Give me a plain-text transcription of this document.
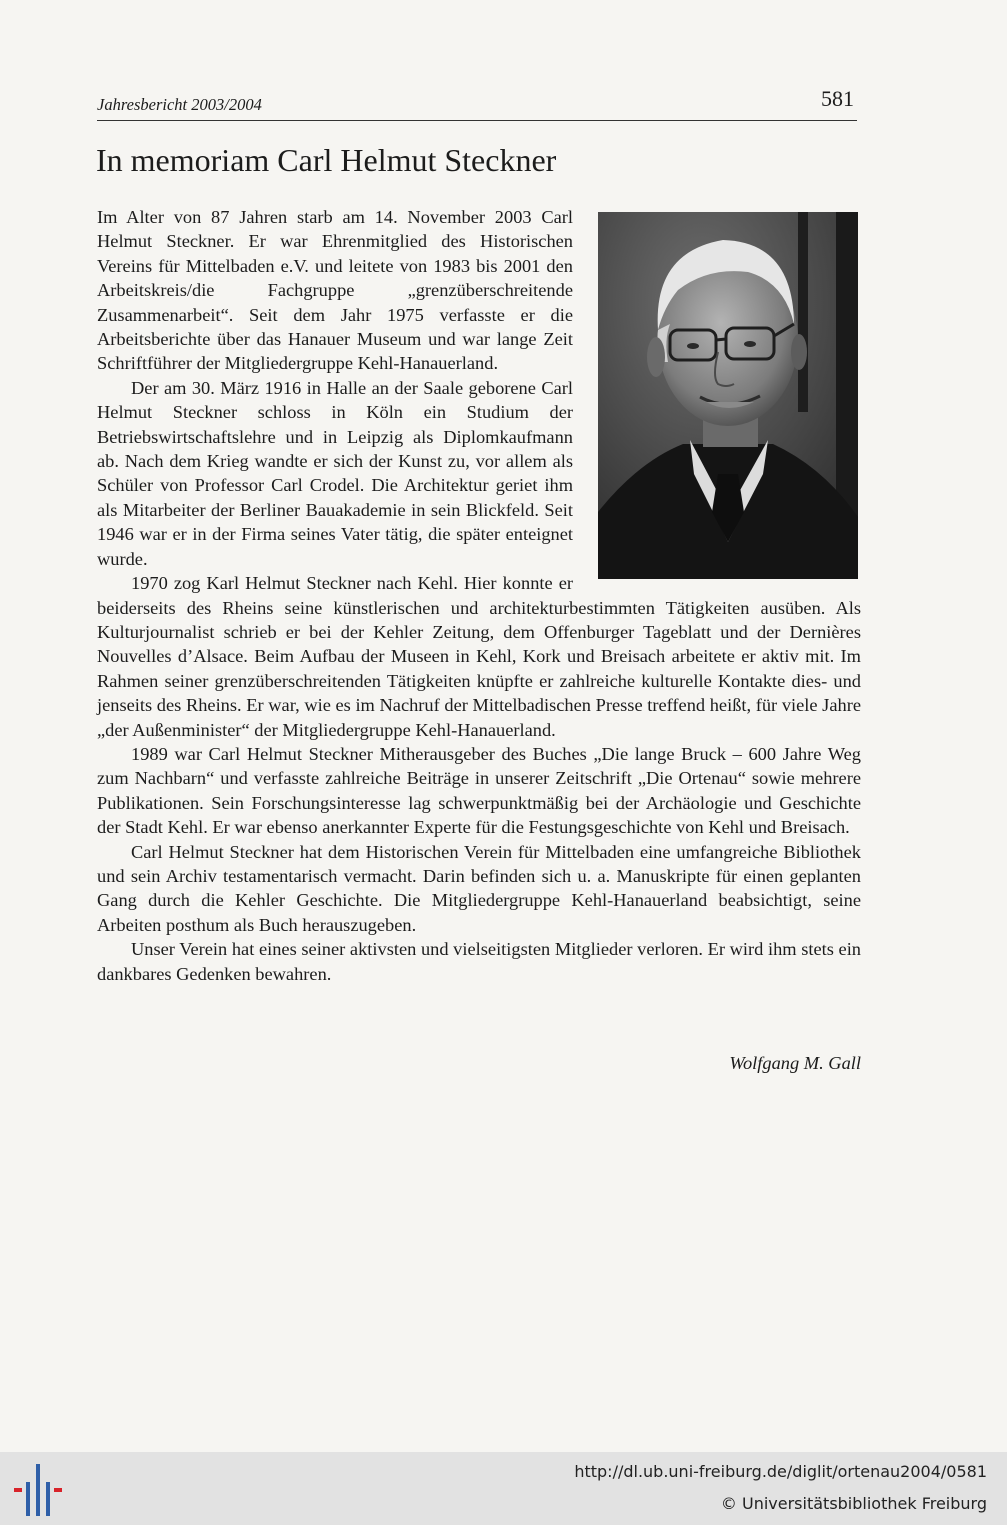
Jahresbericht 2003/2004	581
In memoriam Carl Helmut Steckner

Im Alter von 87 Jahren starb am 14. November 2003 Carl Helmut Steckner. Er war Ehrenmitglied des Historischen Vereins für Mittelbaden e.V. und leitete von 1983 bis 2001 den Arbeitskreis/die Fachgruppe „grenzüberschreitende Zusammenarbeit“. Seit dem Jahr 1975 verfasste er die Arbeitsberichte über das Hanauer Museum und war lange Zeit Schriftführer der Mitgliedergruppe Kehl-Hanauerland.

Der am 30. März 1916 in Halle an der Saale geborene Carl Helmut Steckner schloss in Köln ein Studium der Betriebswirtschaftslehre und in Leipzig als Diplomkaufmann ab. Nach dem Krieg wandte er sich der Kunst zu, vor allem als Schüler von Professor Carl Crodel. Die Architektur geriet ihm als Mitarbeiter der Berliner Bauakademie in sein Blickfeld. Seit 1946 war er in der Firma seines Vater tätig, die später enteignet wurde.

1970 zog Karl Helmut Steckner nach Kehl. Hier konnte er beiderseits des Rheins seine künstlerischen und architekturbestimmten Tätigkeiten ausüben. Als Kulturjournalist schrieb er bei der Kehler Zeitung, dem Offenburger Tageblatt und der Dernières Nouvelles d’Alsace. Beim Aufbau der Museen in Kehl, Kork und Breisach arbeitete er aktiv mit. Im Rahmen seiner grenzüberschreitenden Tätigkeiten knüpfte er zahlreiche kulturelle Kontakte dies- und jenseits des Rheins. Er war, wie es im Nachruf der Mittelbadischen Presse treffend heißt, für viele Jahre „der Außenminister“ der Mitgliedergruppe Kehl-Hanauerland.

1989 war Carl Helmut Steckner Mitherausgeber des Buches „Die lange Bruck – 600 Jahre Weg zum Nachbarn“ und verfasste zahlreiche Beiträge in unserer Zeitschrift „Die Ortenau“ sowie mehrere Publikationen. Sein Forschungsinteresse lag schwerpunktmäßig bei der Archäologie und Geschichte der Stadt Kehl. Er war ebenso anerkannter Experte für die Festungsgeschichte von Kehl und Breisach.

Carl Helmut Steckner hat dem Historischen Verein für Mittelbaden eine umfangreiche Bibliothek und sein Archiv testamentarisch vermacht. Darin befinden sich u. a. Manuskripte für einen geplanten Gang durch die Kehler Geschichte. Die Mitgliedergruppe Kehl-Hanauerland beabsichtigt, seine Arbeiten posthum als Buch herauszugeben.

Unser Verein hat eines seiner aktivsten und vielseitigsten Mitglieder verloren. Er wird ihm stets ein dankbares Gedenken bewahren.

Wolfgang M. Gall
http://dl.ub.uni-freiburg.de/diglit/ortenau2004/0581
© Universitätsbibliothek Freiburg
